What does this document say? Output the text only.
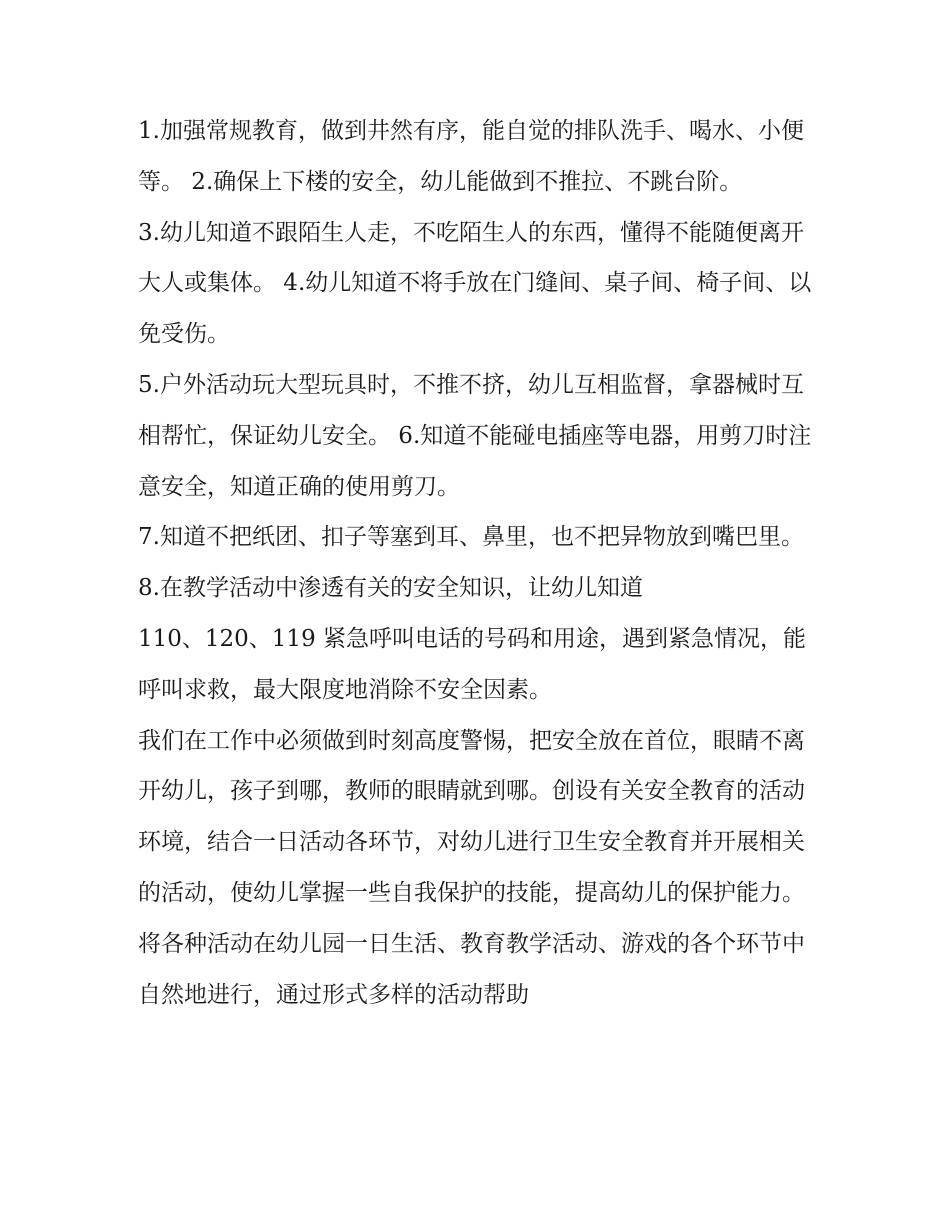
1.加强常规教育，做到井然有序，能自觉的排队洗手、喝水、小便等。 2.确保上下楼的安全，幼儿能做到不推拉、不跳台阶。

3.幼儿知道不跟陌生人走，不吃陌生人的东西，懂得不能随便离开大人或集体。 4.幼儿知道不将手放在门缝间、桌子间、椅子间、以免受伤。

5.户外活动玩大型玩具时，不推不挤，幼儿互相监督，拿器械时互相帮忙，保证幼儿安全。 6.知道不能碰电插座等电器，用剪刀时注意安全，知道正确的使用剪刀。

7.知道不把纸团、扣子等塞到耳、鼻里，也不把异物放到嘴巴里。

8.在教学活动中渗透有关的安全知识，让幼儿知道

110、120、119 紧急呼叫电话的号码和用途，遇到紧急情况，能呼叫求救，最大限度地消除不安全因素。

我们在工作中必须做到时刻高度警惕，把安全放在首位，眼睛不离开幼儿，孩子到哪，教师的眼睛就到哪。创设有关安全教育的活动环境，结合一日活动各环节，对幼儿进行卫生安全教育并开展相关的活动，使幼儿掌握一些自我保护的技能，提高幼儿的保护能力。将各种活动在幼儿园一日生活、教育教学活动、游戏的各个环节中自然地进行，通过形式多样的活动帮助
